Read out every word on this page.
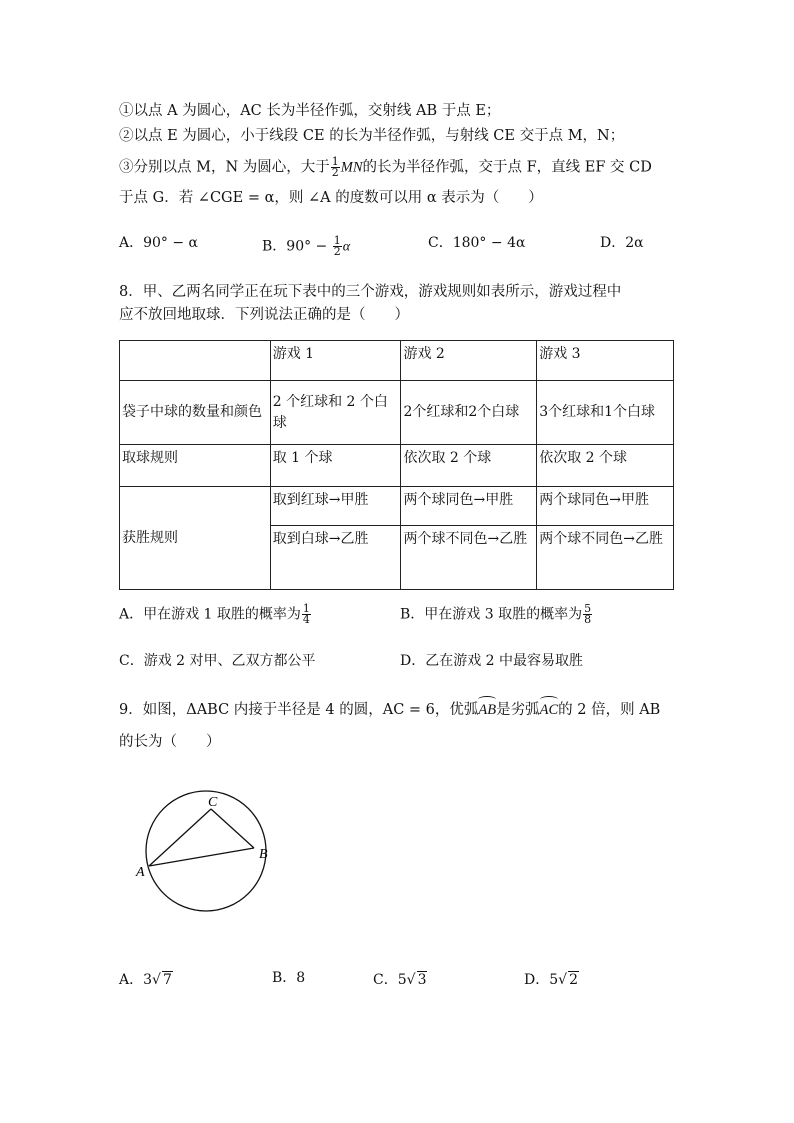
①以点 A 为圆心，AC 长为半径作弧，交射线 AB 于点 E；
②以点 E 为圆心，小于线段 CE 的长为半径作弧，与射线 CE 交于点 M，N；
③分别以点 M，N 为圆心，大于 $\frac{1}{2}$ MN的长为半径作弧，交于点 F，直线 EF 交 CD
于点 G．若 ∠CGE = α，则 ∠A 的度数可以用 α 表示为（　　）
A．90° − α	B．$90^\circ - \frac{1}{2}$ α	C．180° − 4α	D．2α
8．甲、乙两名同学正在玩下表中的三个游戏，游戏规则如表所示，游戏过程中
应不放回地取球．下列说法正确的是（　　）
	游戏 1	游戏 2	游戏 3
袋子中球的数量和颜色	2 个红球和 2 个白球	2个红球和2个白球	3个红球和1个白球
取球规则	取 1 个球	依次取 2 个球	依次取 2 个球
获胜规则	取到红球→甲胜	两个球同色→甲胜	两个球同色→甲胜
	取到白球→乙胜	两个球不同色→乙胜	两个球不同色→乙胜
A．甲在游戏 1 取胜的概率为 $\frac{1}{4}$	B．甲在游戏 3 取胜的概率为 $\frac{5}{8}$
C．游戏 2 对甲、乙双方都公平	D．乙在游戏 2 中最容易取胜
9．如图，ΔABC 内接于半径是 4 的圆，AC = 6，优弧AB是劣弧AC的 2 倍，则 AB
的长为（　　）
C
A
B
A．3√ 7	B．8	C．5√ 3	D．5√ 2
